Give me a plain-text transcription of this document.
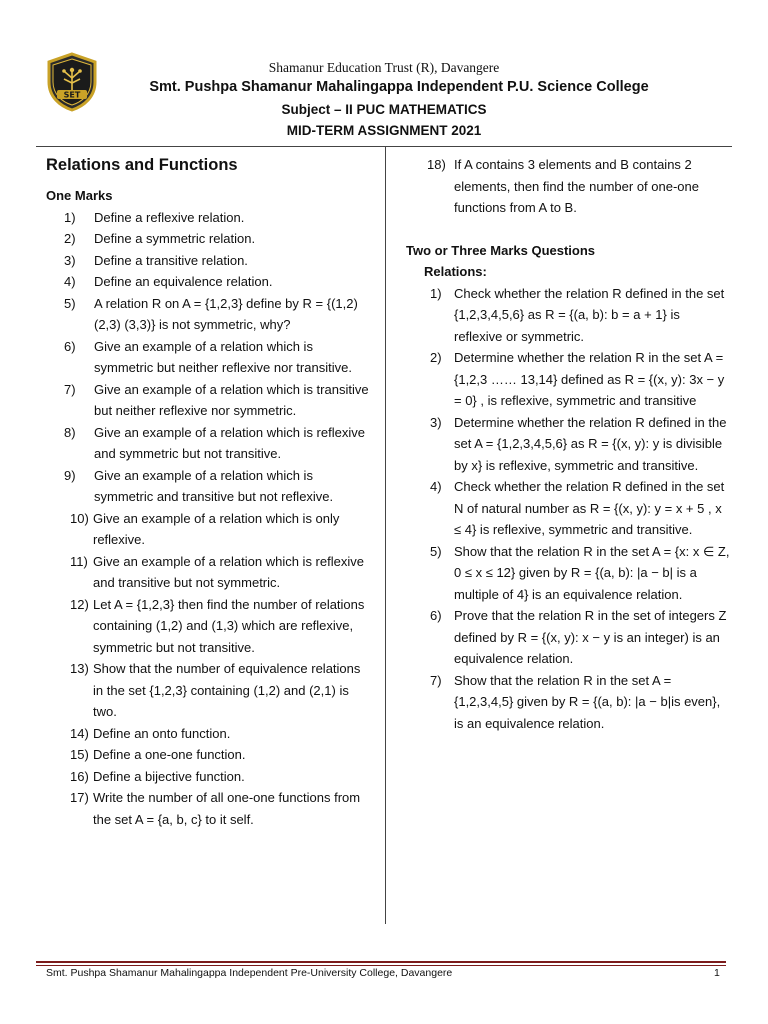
SET
Shamanur Education Trust (R), Davangere
Smt. Pushpa Shamanur Mahalingappa Independent P.U. Science College
Subject – II PUC MATHEMATICS
MID-TERM ASSIGNMENT 2021
Relations and Functions
One Marks
1)	Define a reflexive relation.
2)	Define a symmetric relation.
3)	Define a transitive relation.
4)	Define an equivalence relation.
5)	A relation R on A = {1,2,3} define by R = {(1,2) (2,3) (3,3)} is not symmetric, why?
6)	Give an example of a relation which is symmetric but neither reflexive nor transitive.
7)	Give an example of a relation which is transitive but neither reflexive nor symmetric.
8)	Give an example of a relation which is reflexive and symmetric but not transitive.
9)	Give an example of a relation which is symmetric and transitive but not reflexive.
10) Give an example of a relation which is only reflexive.
11) Give an example of a relation which is reflexive and transitive but not symmetric.
12) Let A = {1,2,3} then find the number of relations containing (1,2) and (1,3) which are reflexive, symmetric but not transitive.
13) Show that the number of equivalence relations in the set {1,2,3} containing (1,2) and (2,1) is two.
14) Define an onto function.
15) Define a one-one function.
16) Define a bijective function.
17) Write the number of all one-one functions from the set A = {a, b, c} to it self.
18) If A contains 3 elements and B contains 2 elements, then find the number of one-one functions from A to B.
Two or Three Marks Questions
Relations:
1) Check whether the relation R defined in the set {1,2,3,4,5,6} as R = {(a, b): b = a + 1} is reflexive or symmetric.
2) Determine whether the relation R in the set A = {1,2,3 …… 13,14} defined as R = {(x, y): 3x − y = 0} , is reflexive, symmetric and transitive
3) Determine whether the relation R defined in the set A = {1,2,3,4,5,6} as R = {(x, y): y is divisible by x} is reflexive, symmetric and transitive.
4) Check whether the relation R defined in the set N of natural number as R = {(x, y): y = x + 5 , x ≤ 4} is reflexive, symmetric and transitive.
5) Show that the relation R in the set A = {x: x ∈ Z, 0 ≤ x ≤ 12} given by R = {(a, b): |a − b| is a multiple of 4} is an equivalence relation.
6) Prove that the relation R in the set of integers Z defined by R = {(x, y): x − y is an integer) is an equivalence relation.
7) Show that the relation R in the set A = {1,2,3,4,5} given by R = {(a, b): |a − b|is even}, is an equivalence relation.
Smt. Pushpa Shamanur Mahalingappa Independent Pre-University College, Davangere	1
